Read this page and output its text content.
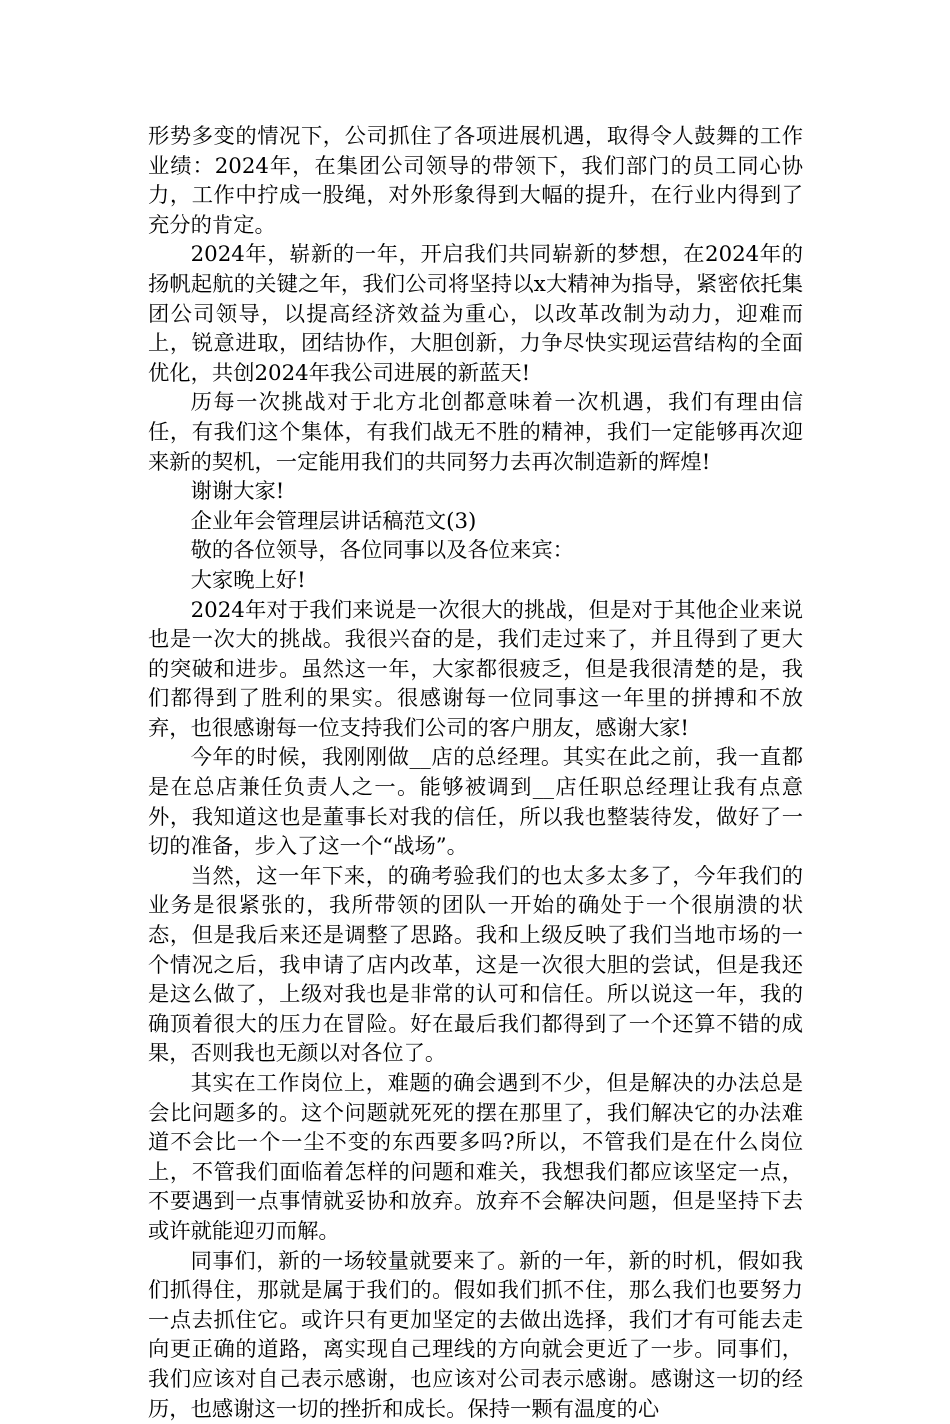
形势多变的情况下，公司抓住了各项进展机遇，取得令人鼓舞的工作业绩：2024年，在集团公司领导的带领下，我们部门的员工同心协力，工作中拧成一股绳，对外形象得到大幅的提升，在行业内得到了充分的肯定。

2024年，崭新的一年，开启我们共同崭新的梦想，在2024年的扬帆起航的关键之年，我们公司将坚持以x大精神为指导，紧密依托集团公司领导，以提高经济效益为重心，以改革改制为动力，迎难而上，锐意进取，团结协作，大胆创新，力争尽快实现运营结构的全面优化，共创2024年我公司进展的新蓝天!

历每一次挑战对于北方北创都意味着一次机遇，我们有理由信任，有我们这个集体，有我们战无不胜的精神，我们一定能够再次迎来新的契机，一定能用我们的共同努力去再次制造新的辉煌!

谢谢大家!

企业年会管理层讲话稿范文(3)

敬的各位领导，各位同事以及各位来宾：

大家晚上好!

2024年对于我们来说是一次很大的挑战，但是对于其他企业来说也是一次大的挑战。我很兴奋的是，我们走过来了，并且得到了更大的突破和进步。虽然这一年，大家都很疲乏，但是我很清楚的是，我们都得到了胜利的果实。很感谢每一位同事这一年里的拼搏和不放弃，也很感谢每一位支持我们公司的客户朋友，感谢大家!

今年的时候，我刚刚做__店的总经理。其实在此之前，我一直都是在总店兼任负责人之一。能够被调到__店任职总经理让我有点意外，我知道这也是董事长对我的信任，所以我也整装待发，做好了一切的准备，步入了这一个“战场”。

当然，这一年下来，的确考验我们的也太多太多了，今年我们的业务是很紧张的，我所带领的团队一开始的确处于一个很崩溃的状态，但是我后来还是调整了思路。我和上级反映了我们当地市场的一个情况之后，我申请了店内改革，这是一次很大胆的尝试，但是我还是这么做了，上级对我也是非常的认可和信任。所以说这一年，我的确顶着很大的压力在冒险。好在最后我们都得到了一个还算不错的成果，否则我也无颜以对各位了。

其实在工作岗位上，难题的确会遇到不少，但是解决的办法总是会比问题多的。这个问题就死死的摆在那里了，我们解决它的办法难道不会比一个一尘不变的东西要多吗?所以，不管我们是在什么岗位上，不管我们面临着怎样的问题和难关，我想我们都应该坚定一点，不要遇到一点事情就妥协和放弃。放弃不会解决问题，但是坚持下去或许就能迎刃而解。

同事们，新的一场较量就要来了。新的一年，新的时机，假如我们抓得住，那就是属于我们的。假如我们抓不住，那么我们也要努力一点去抓住它。或许只有更加坚定的去做出选择，我们才有可能去走向更正确的道路，离实现自己理线的方向就会更近了一步。同事们，我们应该对自己表示感谢，也应该对公司表示感谢。感谢这一切的经历，也感谢这一切的挫折和成长。保持一颗有温度的心
